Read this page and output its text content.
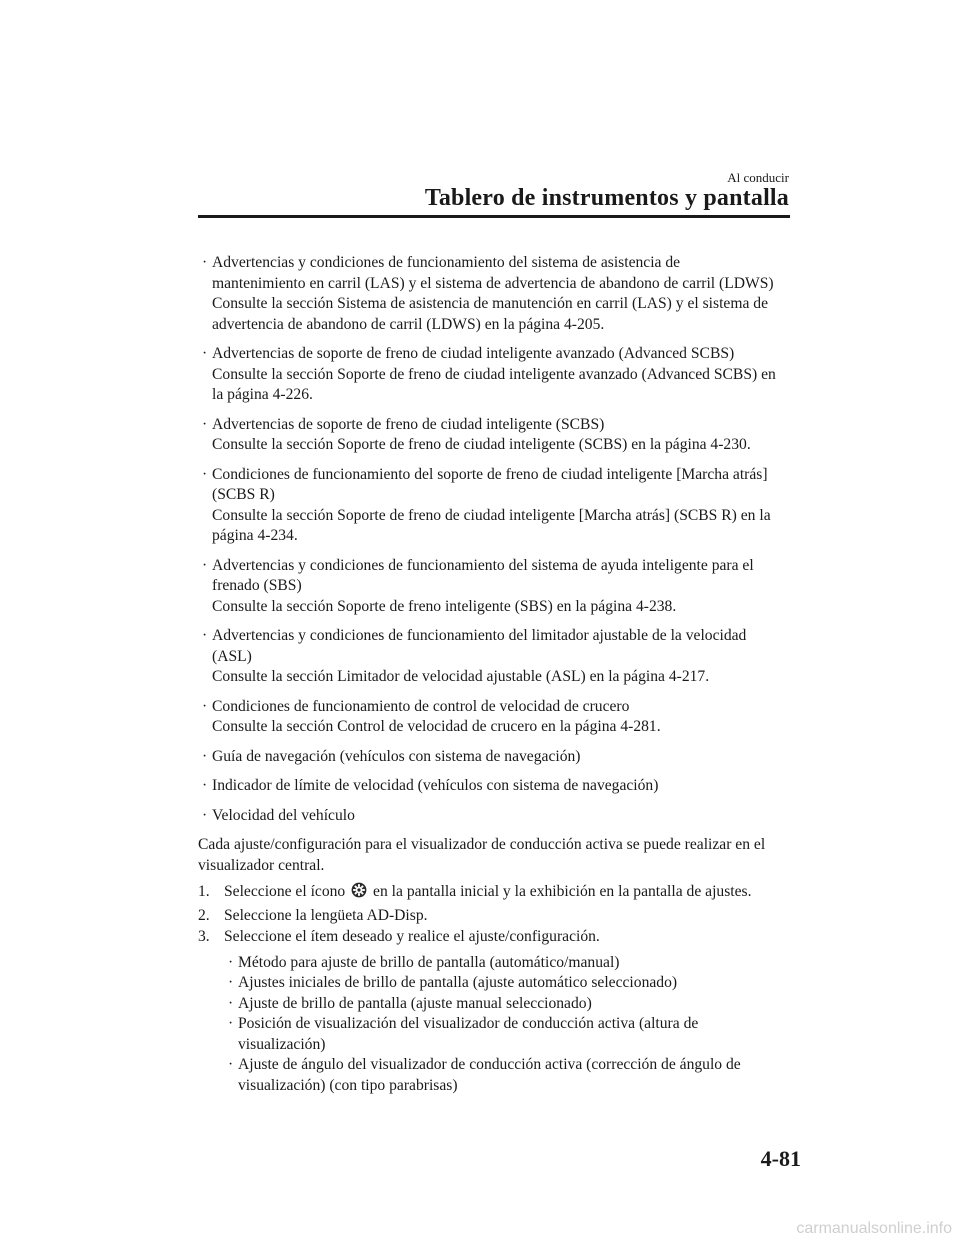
Al conducir
Tablero de instrumentos y pantalla
· Advertencias y condiciones de funcionamiento del sistema de asistencia de
mantenimiento en carril (LAS) y el sistema de advertencia de abandono de carril (LDWS)
Consulte la sección Sistema de asistencia de manutención en carril (LAS) y el sistema de
advertencia de abandono de carril (LDWS) en la página 4-205.
· Advertencias de soporte de freno de ciudad inteligente avanzado (Advanced SCBS)
Consulte la sección Soporte de freno de ciudad inteligente avanzado (Advanced SCBS) en
la página 4-226.
· Advertencias de soporte de freno de ciudad inteligente (SCBS)
Consulte la sección Soporte de freno de ciudad inteligente (SCBS) en la página 4-230.
· Condiciones de funcionamiento del soporte de freno de ciudad inteligente [Marcha atrás]
(SCBS R)
Consulte la sección Soporte de freno de ciudad inteligente [Marcha atrás] (SCBS R) en la
página 4-234.
· Advertencias y condiciones de funcionamiento del sistema de ayuda inteligente para el
frenado (SBS)
Consulte la sección Soporte de freno inteligente (SBS) en la página 4-238.
· Advertencias y condiciones de funcionamiento del limitador ajustable de la velocidad
(ASL)
Consulte la sección Limitador de velocidad ajustable (ASL) en la página 4-217.
· Condiciones de funcionamiento de control de velocidad de crucero
Consulte la sección Control de velocidad de crucero en la página 4-281.
· Guía de navegación (vehículos con sistema de navegación)
· Indicador de límite de velocidad (vehículos con sistema de navegación)
· Velocidad del vehículo
Cada ajuste/configuración para el visualizador de conducción activa se puede realizar en el
visualizador central.
1. Seleccione el ícono en la pantalla inicial y la exhibición en la pantalla de ajustes.
2. Seleccione la lengüeta AD-Disp.
3. Seleccione el ítem deseado y realice el ajuste/configuración.
· Método para ajuste de brillo de pantalla (automático/manual)
· Ajustes iniciales de brillo de pantalla (ajuste automático seleccionado)
· Ajuste de brillo de pantalla (ajuste manual seleccionado)
· Posición de visualización del visualizador de conducción activa (altura de
visualización)
· Ajuste de ángulo del visualizador de conducción activa (corrección de ángulo de
visualización) (con tipo parabrisas)
4-81
carmanualsonline.info
